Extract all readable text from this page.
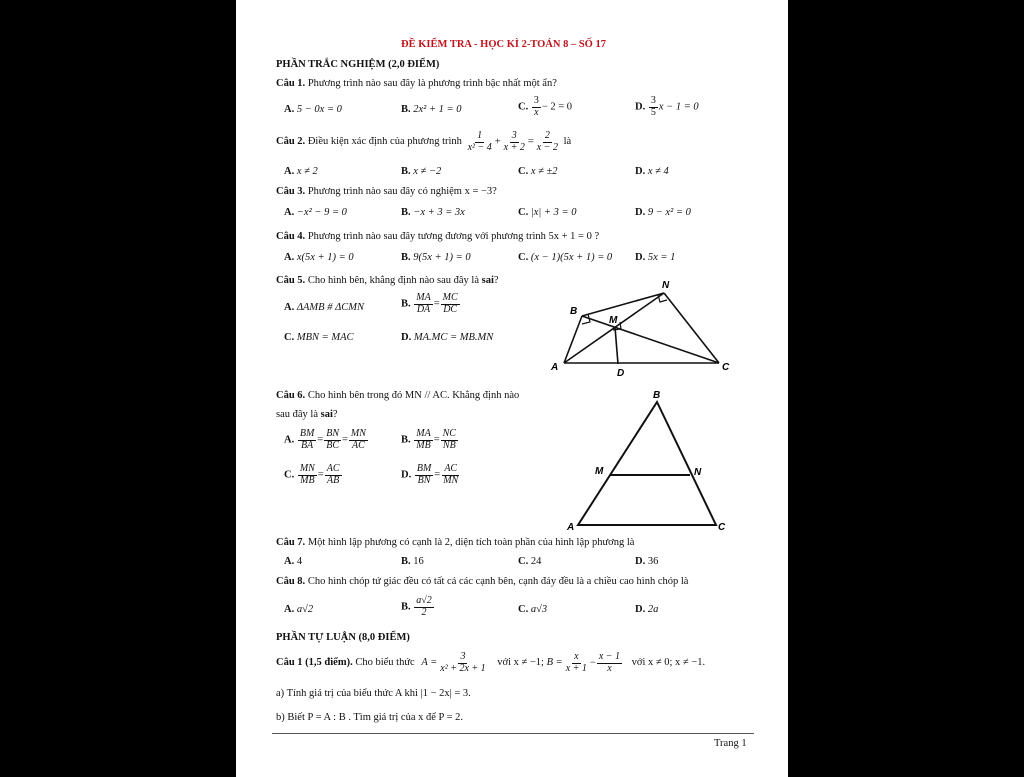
ĐỀ KIỂM TRA - HỌC KÌ 2-TOÁN 8 – SỐ 17
PHẦN TRẮC NGHIỆM (2,0 ĐIỂM)
Câu 1. Phương trình nào sau đây là phương trình bậc nhất một ẩn?
A. 5 − 0x = 0	B. 2x² + 1 = 0	C. $\frac{3}{x} - 2 = 0$	D. $\frac{3}{5}$ x − 1 = 0
Câu 2. Điều kiện xác định của phương trình $\frac{1}{\text{x² − 4}} + \frac{3}{x + 2} = \frac{2}{x - 2}$ là
A. x ≠ 2	B. x ≠ −2	C. x ≠ ±2	D. x ≠ 4
Câu 3. Phương trình nào sau đây có nghiệm x = −3?
A. −x² − 9 = 0	B. −x + 3 = 3x	C. |x| + 3 = 0	D. 9 − x² = 0
Câu 4. Phương trình nào sau đây tương đương với phương trình 5x + 1 = 0 ?
A. x(5x + 1) = 0	B. 9(5x + 1) = 0	C. (x − 1)(5x + 1) = 0 D. 5x = 1
Câu 5. Cho hình bên, khẳng định nào sau đây là sai?
A. ΔAMB # ΔCMN	B. $\frac{MA}{DA} = \frac{MC}{DC}$
C. MBN = MAC	D. MA.MC = MB.MN
A
B
C
D
M
N
Câu 6. Cho hình bên trong đó MN // AC. Khẳng định nào
sau đây là sai?
A. $\frac{BM}{BA} = \frac{BN}{BC} = \frac{MN}{AC}$	B. $\frac{MA}{MB} = \frac{NC}{NB}$
C. $\frac{MN}{MB} = \frac{AC}{AB}$	D. $\frac{BM}{BN} = \frac{AC}{MN}$
B
A	C
M	N
Câu 7. Một hình lập phương có cạnh là 2, diện tích toàn phần của hình lập phương là
A. 4	B. 16	C. 24	D. 36
Câu 8. Cho hình chóp tứ giác đều có tất cả các cạnh bên, cạnh đáy đều là a chiều cao hình chóp là
A. a√2	B. $\frac{a√2}{2}$	C. a√3	D. 2a
PHẦN TỰ LUẬN (8,0 ĐIỂM)
Câu 1 (1,5 điểm). Cho biểu thức $A = \frac{3}{\text{x² + 2x + 1}}$ với x ≠ −1; $B = \frac{x}{x + 1} - \frac{x - 1}{x}$ với x ≠ 0; x ≠ −1.
a) Tính giá trị của biểu thức A khi |1 − 2x| = 3.
b) Biết P = A : B . Tìm giá trị của x để P = 2.
Trang 1
